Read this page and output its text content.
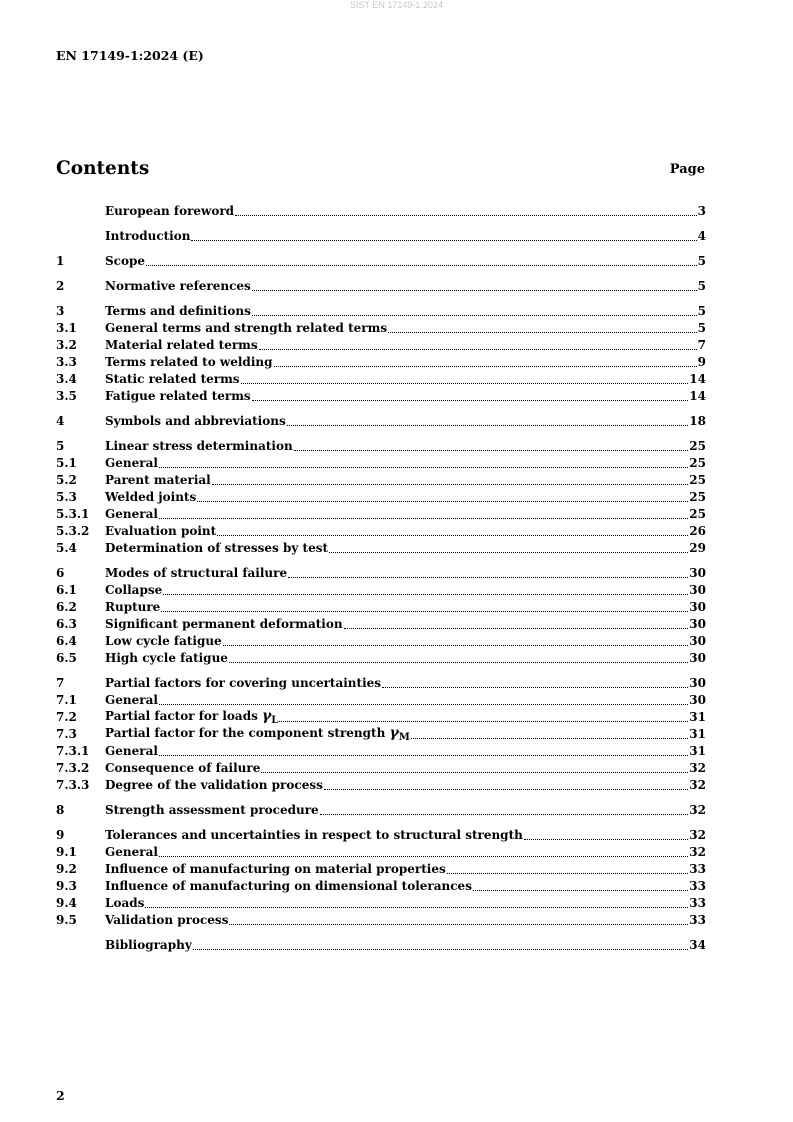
SIST EN 17149-1:2024
EN 17149-1:2024 (E)
Contents	Page
European foreword	3
Introduction	4
1	Scope	5
2	Normative references	5
3	Terms and definitions	5
3.1	General terms and strength related terms	5
3.2	Material related terms	7
3.3	Terms related to welding	9
3.4	Static related terms	14
3.5	Fatigue related terms	14
4	Symbols and abbreviations	18
5	Linear stress determination	25
5.1	General	25
5.2	Parent material	25
5.3	Welded joints	25
5.3.1	General	25
5.3.2	Evaluation point	26
5.4	Determination of stresses by test	29
6	Modes of structural failure	30
6.1	Collapse	30
6.2	Rupture	30
6.3	Significant permanent deformation	30
6.4	Low cycle fatigue	30
6.5	High cycle fatigue	30
7	Partial factors for covering uncertainties	30
7.1	General	30
7.2	Partial factor for loads $\gamma_L$	31
7.3	Partial factor for the component strength $\gamma_M$	31
7.3.1	General	31
7.3.2	Consequence of failure	32
7.3.3	Degree of the validation process	32
8	Strength assessment procedure	32
9	Tolerances and uncertainties in respect to structural strength	32
9.1	General	32
9.2	Influence of manufacturing on material properties	33
9.3	Influence of manufacturing on dimensional tolerances	33
9.4	Loads	33
9.5	Validation process	33
Bibliography	34
2
